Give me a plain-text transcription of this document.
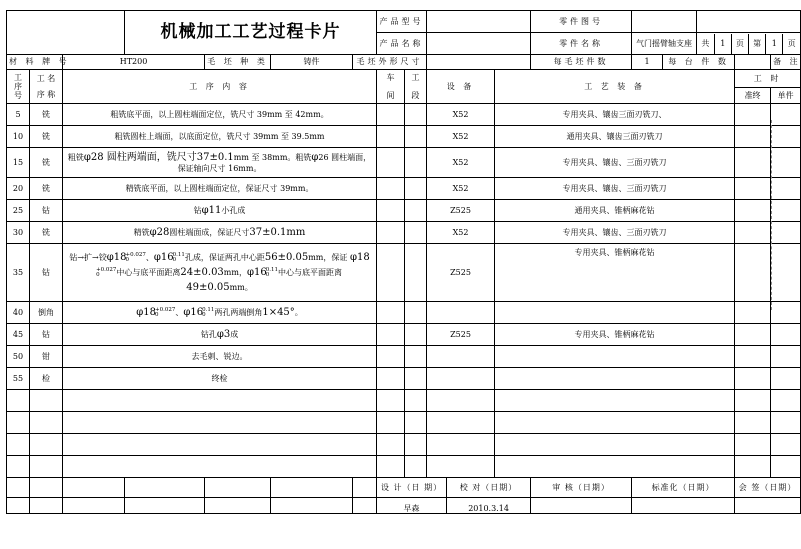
	机械加工工艺过程卡片	产品型号		零件图号		
产品名称		零件名称	气门摇臂轴支座	共	1	页	第	1	页

材 料 牌 号	HT200	毛 坯 种 类	铸件	毛坯外形尺寸		每毛坯件数	1	每 台 件 数		备 注	

工
序
号

工 名
序 称
	工 序 内 容	
车
间

工
段
	设 备	工 艺 装 备	工 时
准终	单件
5	铣	粗铣底平面，以上圆柱端面定位，铣尺寸 39mm 至 42mm。			X52	专用夹具、镶齿三面刃铣刀、		
10	铣	粗铣圆柱上端面，以底面定位，铣尺寸 39mm 至 39.5mm			X52	通用夹具、镶齿三面刃铣刀		
15	铣	粗铣φ28 圆柱两端面，铣尺寸37±0.1mm 至 38mm。粗铣φ26 圆柱端面，保证轴向尺寸 16mm。			X52	专用夹具、镶齿、三面刃铣刀		
20	铣	精铣底平面，以上圆柱端面定位，保证尺寸 39mm。			X52	专用夹具、镶齿、三面刃铣刀		
25	钻	钻φ11小孔成			Z525	通用夹具、锥柄麻花钻		
30	铣	精铣φ28圆柱端面成，保证尺寸37±0.1mm			X52	专用夹具、镶齿、三面刃铣刀		
35	钻	钻→扩→铰φ18+0.027
0 、φ160.11
0 孔成，保证两孔中心距56±0.05mm，保证 φ18+0.027
0 中心与底平面距离24±0.03mm，φ160.11
0 中心与底平面距离 49±0.05mm。			Z525	专用夹具、锥柄麻花钻		
40	倒角	φ18+0.027
0 、φ160.11
0 两孔两端倒角1×45°。						
45	钻	钻孔φ3成			Z525	专用夹具、锥柄麻花钻		
50	钳	去毛刺、锐边。						
55	检	终检						

							设 计（日 期）	校 对（日期）	审 核（日期）	标准化（日期）	会 签（日期）
							早森	2010.3.14			
